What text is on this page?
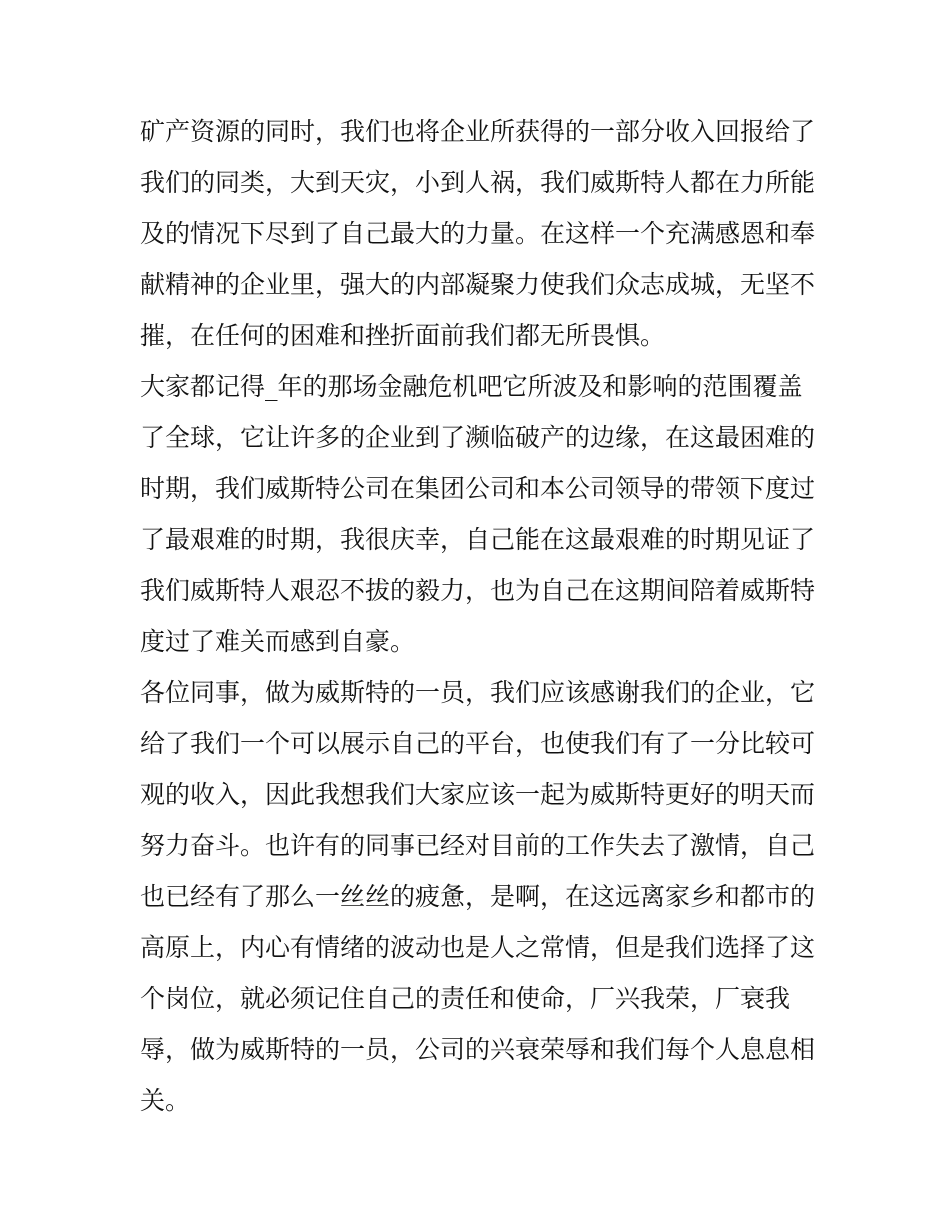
矿产资源的同时，我们也将企业所获得的一部分收入回报给了
我们的同类，大到天灾，小到人祸，我们威斯特人都在力所能
及的情况下尽到了自己最大的力量。在这样一个充满感恩和奉
献精神的企业里，强大的内部凝聚力使我们众志成城，无坚不
摧，在任何的困难和挫折面前我们都无所畏惧。
大家都记得_年的那场金融危机吧它所波及和影响的范围覆盖
了全球，它让许多的企业到了濒临破产的边缘，在这最困难的
时期，我们威斯特公司在集团公司和本公司领导的带领下度过
了最艰难的时期，我很庆幸，自己能在这最艰难的时期见证了
我们威斯特人艰忍不拔的毅力，也为自己在这期间陪着威斯特
度过了难关而感到自豪。
各位同事，做为威斯特的一员，我们应该感谢我们的企业，它
给了我们一个可以展示自己的平台，也使我们有了一分比较可
观的收入，因此我想我们大家应该一起为威斯特更好的明天而
努力奋斗。也许有的同事已经对目前的工作失去了激情，自己
也已经有了那么一丝丝的疲惫，是啊，在这远离家乡和都市的
高原上，内心有情绪的波动也是人之常情，但是我们选择了这
个岗位，就必须记住自己的责任和使命，厂兴我荣，厂衰我
辱，做为威斯特的一员，公司的兴衰荣辱和我们每个人息息相
关。
